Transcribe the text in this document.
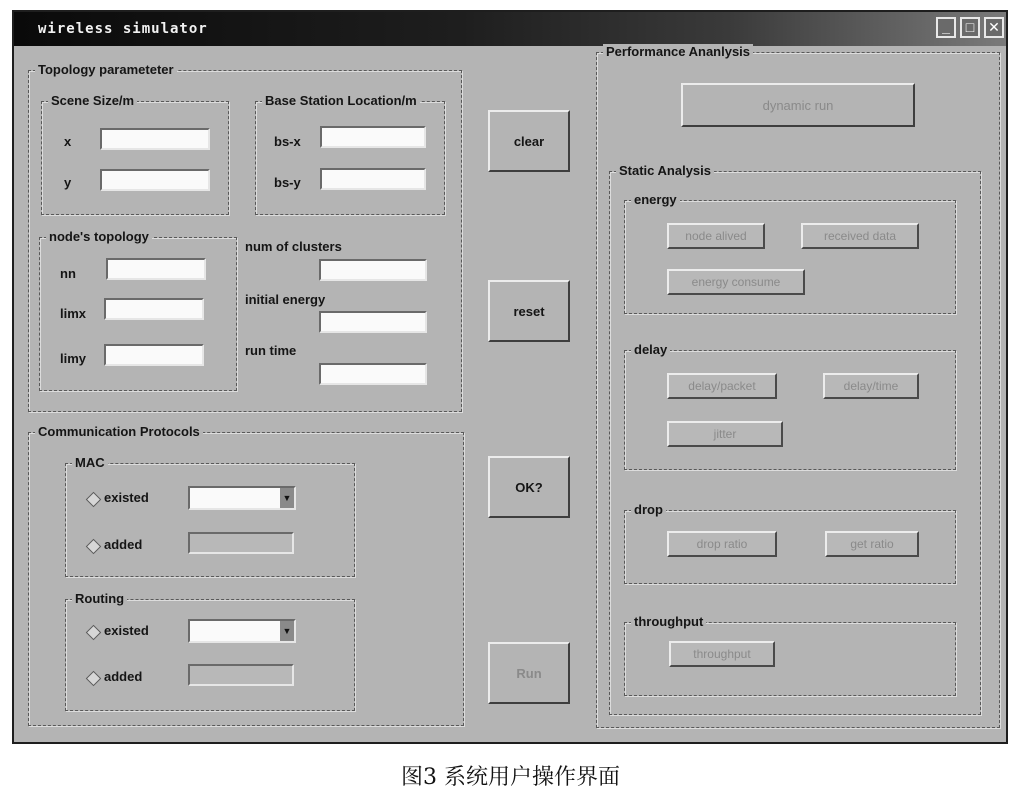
wireless simulator	_	□ ✕
Topology parameteter
Scene Size/m
x
y
Base Station Location/m
bs-x
bs-y
node's topology
nn
limx
limy
num of clusters
initial energy
run time
Communication Protocols
MAC
existed	▼
added
Routing
existed	▼
added
clear
reset
OK?
Run
Performance Ananlysis
dynamic run
Static Analysis
energy
node alived	received data
energy consume
delay
delay/packet	delay/time
jitter
drop
drop ratio	get ratio
throughput
throughput
图3 系统用户操作界面
